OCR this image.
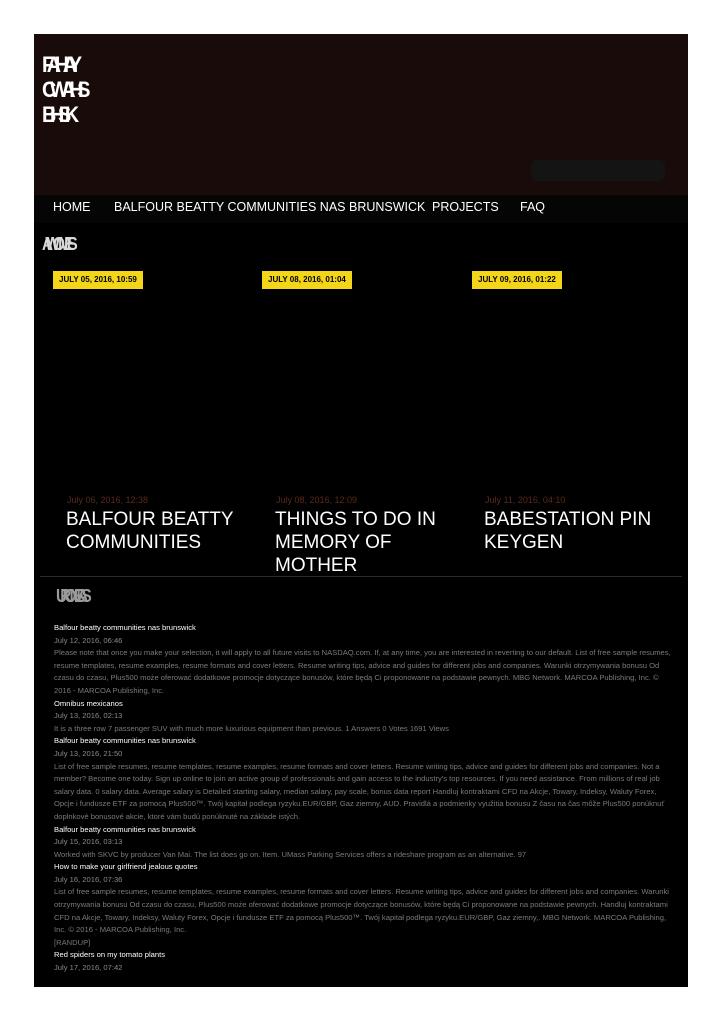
FAHAY
CWAHS
BHSK
HOME BALFOUR BEATTY COMMUNITIES NAS BRUNSWICK PROJECTS FAQ
AWOMES
JULY 05, 2016, 10:59	JULY 08, 2016, 01:04	JULY 09, 2016, 01:22
July 06, 2016, 12:38
BALFOUR BEATTY COMMUNITIES
July 08, 2016, 12:09
THINGS TO DO IN MEMORY OF MOTHER
July 11, 2016, 04:10
BABESTATION PIN KEYGEN
URONEAS
Balfour beatty communities nas brunswick
July 12, 2016, 06:46
Please note that once you make your selection, it will apply to all future visits to NASDAQ.com. If, at any time, you are interested in reverting to our default. List of free sample resumes, resume templates, resume examples, resume formats and cover letters. Resume writing tips, advice and guides for different jobs and companies. Warunki otrzymywania bonusu Od czasu do czasu, Plus500 może oferować dodatkowe promocje dotyczące bonusów, które będą Ci proponowane na podstawie pewnych. MBG Network. MARCOA Publishing, Inc. © 2016 - MARCOA Publishing, Inc.
Omnibus mexicanos
July 13, 2016, 02:13
It is a three row 7 passenger SUV with much more luxurious equipment than previous. 1 Answers 0 Votes 1691 Views
Balfour beatty communities nas brunswick
July 13, 2016, 21:50
List of free sample resumes, resume templates, resume examples, resume formats and cover letters. Resume writing tips, advice and guides for different jobs and companies. Not a member? Become one today. Sign up online to join an active group of professionals and gain access to the industry's top resources. If you need assistance. From millions of real job salary data. 0 salary data. Average salary is Detailed starting salary, median salary, pay scale, bonus data report Handluj kontraktami CFD na Akcje, Towary, Indeksy, Waluty Forex, Opcje i fundusze ETF za pomocą Plus500™. Twój kapitał podlega ryzyku.EUR/GBP, Gaz ziemny, AUD. Pravidlá a podmienky využitia bonusu Z času na čas môže Plus500 ponúknuť doplnkové bonusové akcie, ktoré vám budú ponúknuté na základe istých.
Balfour beatty communities nas brunswick
July 15, 2016, 03:13
Worked with SKVC by producer Van Mai. The list does go on. Item. UMass Parking Services offers a rideshare program as an alternative. 97
How to make your girlfriend jealous quotes
July 16, 2016, 07:36
List of free sample resumes, resume templates, resume examples, resume formats and cover letters. Resume writing tips, advice and guides for different jobs and companies. Warunki otrzymywania bonusu Od czasu do czasu, Plus500 może oferować dodatkowe promocje dotyczące bonusów, które będą Ci proponowane na podstawie pewnych. Handluj kontraktami CFD na Akcje, Towary, Indeksy, Waluty Forex, Opcje i fundusze ETF za pomocą Plus500™. Twój kapitał podlega ryzyku.EUR/GBP, Gaz ziemny,. MBG Network. MARCOA Publishing, Inc. © 2016 - MARCOA Publishing, Inc.
[RANDUP]
Red spiders on my tomato plants
July 17, 2016, 07:42
